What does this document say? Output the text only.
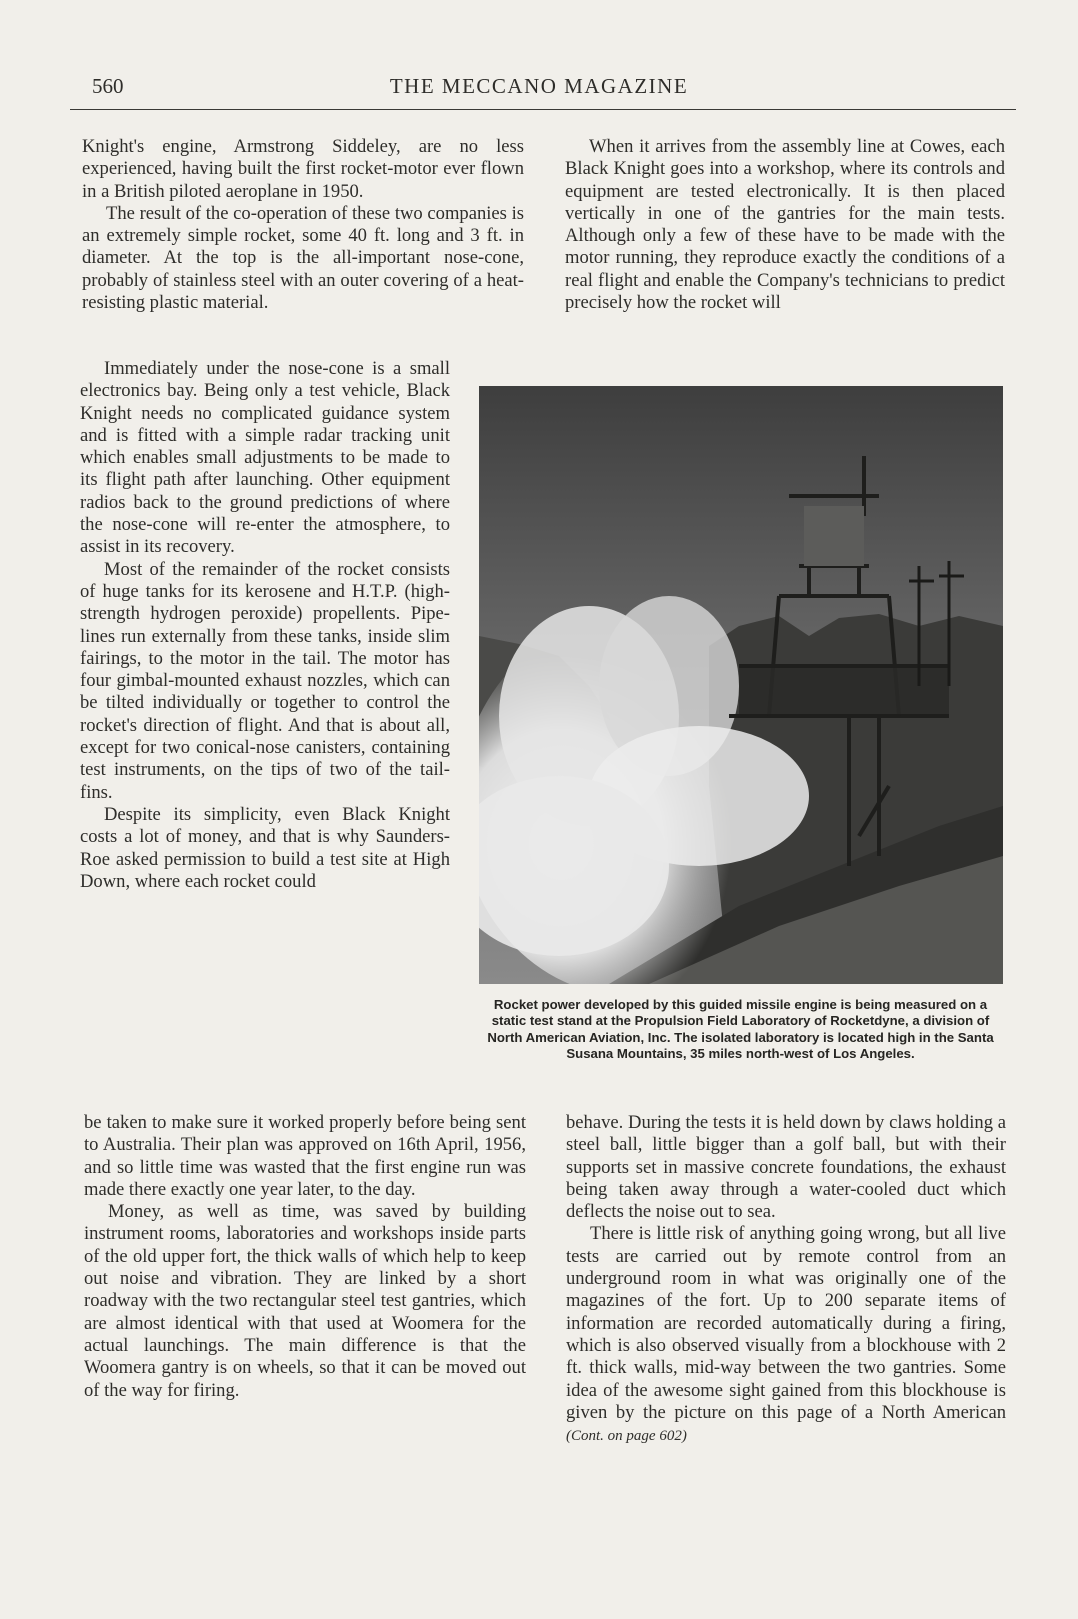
560	THE MECCANO MAGAZINE

Knight's engine, Armstrong Siddeley, are no less experienced, having built the first rocket-motor ever flown in a British piloted aeroplane in 1950.

The result of the co-operation of these two companies is an extremely simple rocket, some 40 ft. long and 3 ft. in diameter. At the top is the all-important nose-cone, probably of stainless steel with an outer covering of a heat-resisting plastic material.

Immediately under the nose-cone is a small electronics bay. Being only a test vehicle, Black Knight needs no complicated guidance system and is fitted with a simple radar tracking unit which enables small adjustments to be made to its flight path after launching. Other equipment radios back to the ground predictions of where the nose-cone will re-enter the atmosphere, to assist in its recovery.

Most of the remainder of the rocket consists of huge tanks for its kerosene and H.T.P. (high-strength hydrogen peroxide) propellents. Pipe-lines run externally from these tanks, inside slim fairings, to the motor in the tail. The motor has four gimbal-mounted exhaust nozzles, which can be tilted individually or together to control the rocket's direction of flight. And that is about all, except for two conical-nose canisters, containing test instruments, on the tips of two of the tail-fins.

Despite its simplicity, even Black Knight costs a lot of money, and that is why Saunders-Roe asked permission to build a test site at High Down, where each rocket could

be taken to make sure it worked properly before being sent to Australia. Their plan was approved on 16th April, 1956, and so little time was wasted that the first engine run was made there exactly one year later, to the day.

Money, as well as time, was saved by building instrument rooms, laboratories and workshops inside parts of the old upper fort, the thick walls of which help to keep out noise and vibration. They are linked by a short roadway with the two rectangular steel test gantries, which are almost identical with that used at Woomera for the actual launchings. The main difference is that the Woomera gantry is on wheels, so that it can be moved out of the way for firing.

When it arrives from the assembly line at Cowes, each Black Knight goes into a workshop, where its controls and equipment are tested electronically. It is then placed vertically in one of the gantries for the main tests. Although only a few of these have to be made with the motor running, they reproduce exactly the conditions of a real flight and enable the Company's technicians to predict precisely how the rocket will

behave. During the tests it is held down by claws holding a steel ball, little bigger than a golf ball, but with their supports set in massive concrete foundations, the exhaust being taken away through a water-cooled duct which deflects the noise out to sea.

There is little risk of anything going wrong, but all live tests are carried out by remote control from an underground room in what was originally one of the magazines of the fort. Up to 200 separate items of information are recorded automatically during a firing, which is also observed visually from a blockhouse with 2 ft. thick walls, mid-way between the two gantries. Some idea of the awesome sight gained from this blockhouse is given by the picture on this page of a North American (Cont. on page 602)

Rocket power developed by this guided missile engine is being measured on a static test stand at the Propulsion Field Laboratory of Rocketdyne, a division of North American Aviation, Inc. The isolated laboratory is located high in the Santa Susana Mountains, 35 miles north-west of Los Angeles.
